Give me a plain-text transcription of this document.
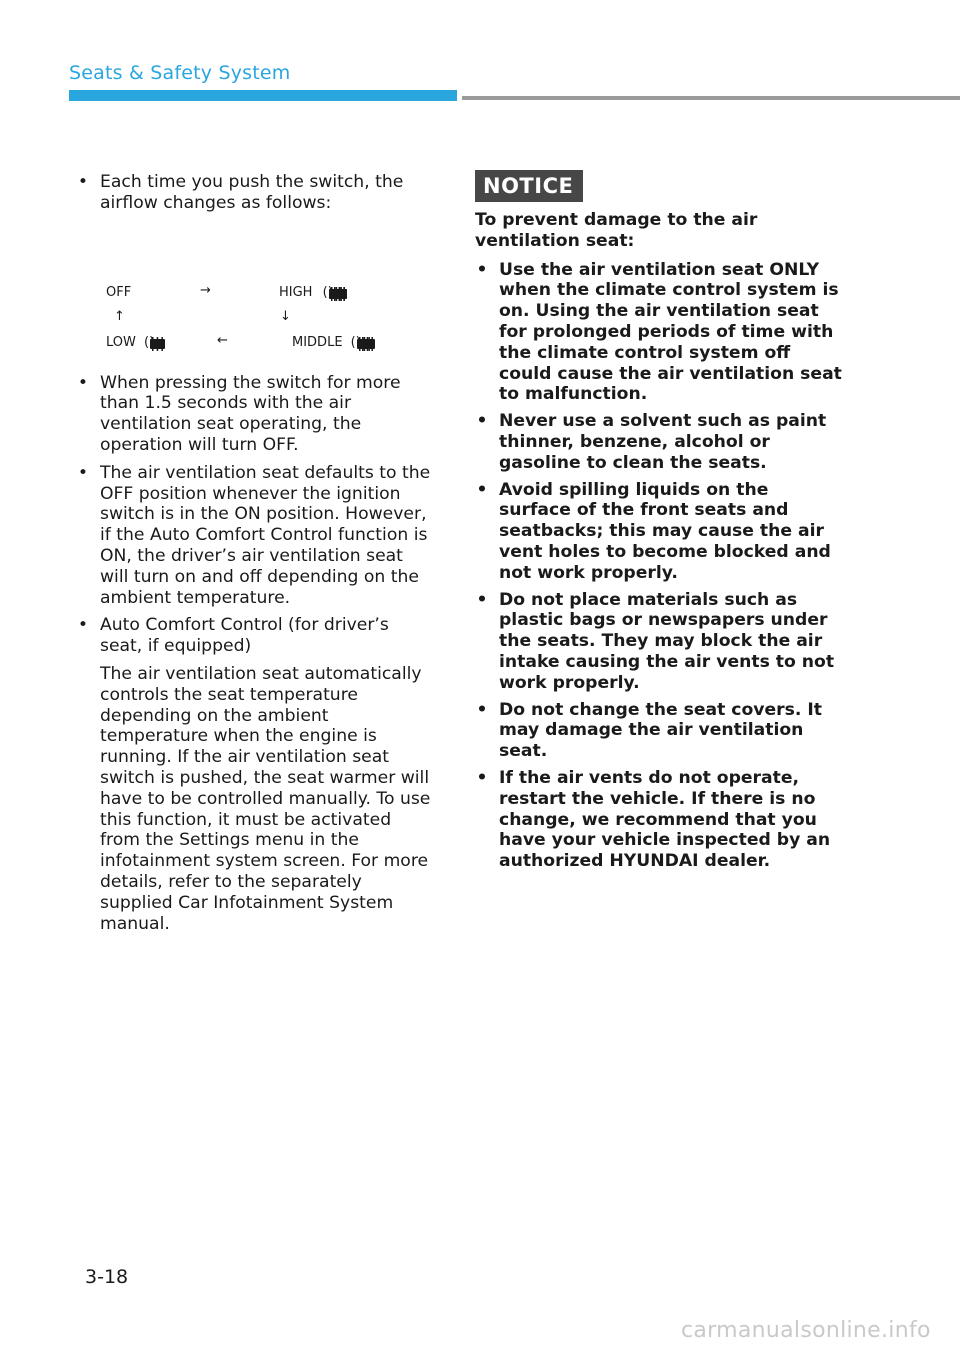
Seats & Safety System
• Each time you push the switch, the airflow changes as follows:
OFF	→	HIGH (
↑	↓
LOW (	←	MIDDLE (
• When pressing the switch for more than 1.5 seconds with the air ventilation seat operating, the operation will turn OFF.
• The air ventilation seat defaults to the OFF position whenever the ignition switch is in the ON position. However, if the Auto Comfort Control function is ON, the driver’s air ventilation seat will turn on and off depending on the ambient temperature.
• Auto Comfort Control (for driver’s seat, if equipped)

The air ventilation seat automatically controls the seat temperature depending on the ambient temperature when the engine is running. If the air ventilation seat switch is pushed, the seat warmer will have to be controlled manually. To use this function, it must be activated from the Settings menu in the infotainment system screen. For more details, refer to the separately supplied Car Infotainment System manual.

NOTICE
To prevent damage to the air ventilation seat:
• Use the air ventilation seat ONLY when the climate control system is on. Using the air ventilation seat for prolonged periods of time with the climate control system off could cause the air ventilation seat to malfunction.
• Never use a solvent such as paint thinner, benzene, alcohol or gasoline to clean the seats.
• Avoid spilling liquids on the surface of the front seats and seatbacks; this may cause the air vent holes to become blocked and not work properly.
• Do not place materials such as plastic bags or newspapers under the seats. They may block the air intake causing the air vents to not work properly.
• Do not change the seat covers. It may damage the air ventilation seat.
• If the air vents do not operate, restart the vehicle. If there is no change, we recommend that you have your vehicle inspected by an authorized HYUNDAI dealer.
3-18
carmanualsonline.info
